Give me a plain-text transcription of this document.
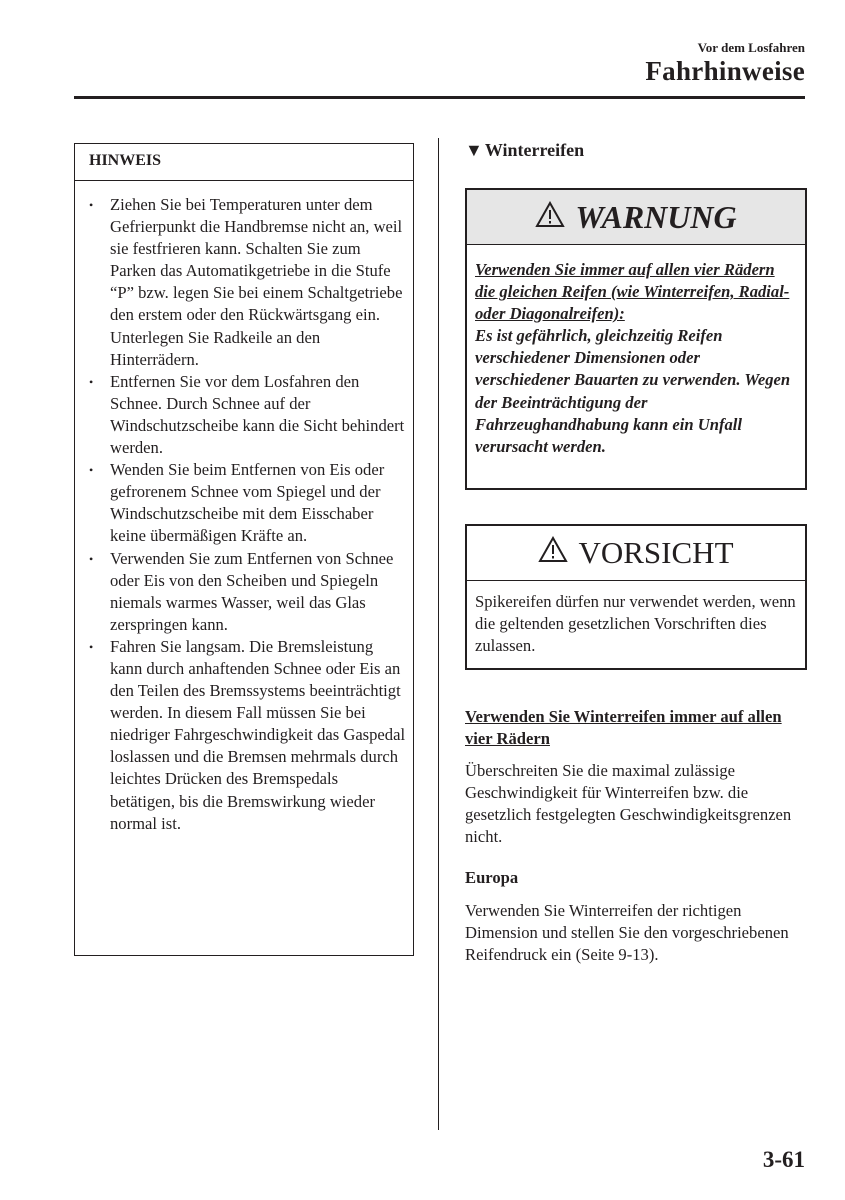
Vor dem Losfahren
Fahrhinweise
HINWEIS
• Ziehen Sie bei Temperaturen unter dem Gefrierpunkt die Handbremse nicht an, weil sie festfrieren kann. Schalten Sie zum Parken das Automatikgetriebe in die Stufe “P” bzw. legen Sie bei einem Schaltgetriebe den erstem oder den Rückwärtsgang ein. Unterlegen Sie Radkeile an den Hinterrädern.
• Entfernen Sie vor dem Losfahren den Schnee. Durch Schnee auf der Windschutzscheibe kann die Sicht behindert werden.
• Wenden Sie beim Entfernen von Eis oder gefrorenem Schnee vom Spiegel und der Windschutzscheibe mit dem Eisschaber keine übermäßigen Kräfte an.
• Verwenden Sie zum Entfernen von Schnee oder Eis von den Scheiben und Spiegeln niemals warmes Wasser, weil das Glas zerspringen kann.
• Fahren Sie langsam. Die Bremsleistung kann durch anhaftenden Schnee oder Eis an den Teilen des Bremssystems beeinträchtigt werden. In diesem Fall müssen Sie bei niedriger Fahrgeschwindigkeit das Gaspedal loslassen und die Bremsen mehrmals durch leichtes Drücken des Bremspedals betätigen, bis die Bremswirkung wieder normal ist.
▼ Winterreifen
WARNUNG
Verwenden Sie immer auf allen vier Rädern die gleichen Reifen (wie Winterreifen, Radial- oder Diagonalreifen):
Es ist gefährlich, gleichzeitig Reifen verschiedener Dimensionen oder verschiedener Bauarten zu verwenden. Wegen der Beeinträchtigung der Fahrzeughandhabung kann ein Unfall verursacht werden.
VORSICHT
Spikereifen dürfen nur verwendet werden, wenn die geltenden gesetzlichen Vorschriften dies zulassen.
Verwenden Sie Winterreifen immer auf allen vier Rädern
Überschreiten Sie die maximal zulässige Geschwindigkeit für Winterreifen bzw. die gesetzlich festgelegten Geschwindigkeitsgrenzen nicht.
Europa
Verwenden Sie Winterreifen der richtigen Dimension und stellen Sie den vorgeschriebenen Reifendruck ein (Seite 9-13).
3-61
